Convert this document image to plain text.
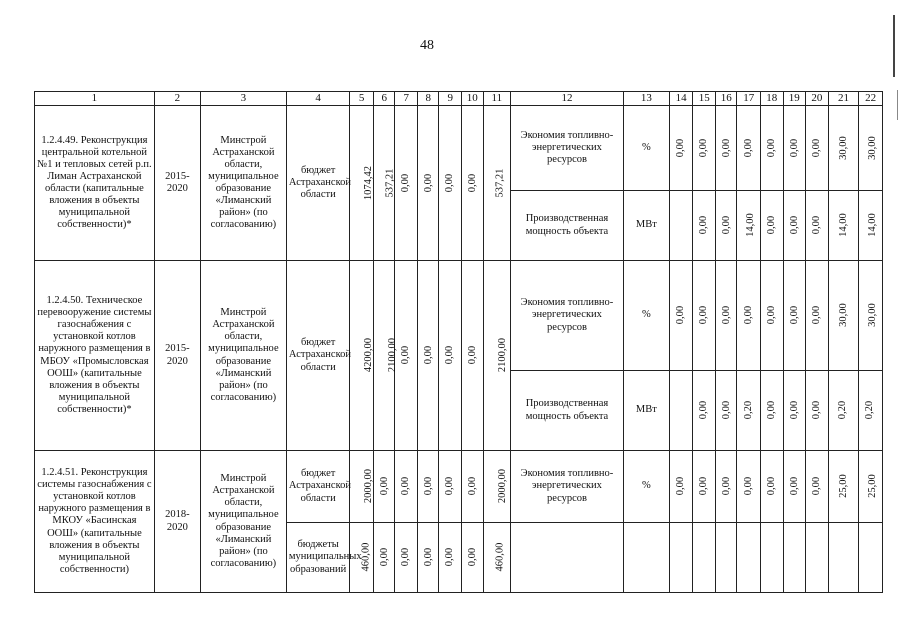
48
1	2	3	4	5	6	7	8	9	10	11	12	13	14	15	16	17	18	19	20	21	22
1.2.4.49. Реконструкция центральной котельной №1 и тепловых сетей р.п. Лиман Астраханской области (капитальные вложения в объекты муниципальной собственности)*	2015-2020	Минстрой Астраханской области, муниципальное образование «Лиманский район» (по согласованию)	бюджет Астраханской области	1074,42	537,21	0,00	0,00	0,00	0,00	537,21	Экономия топливно-энергетических ресурсов	%	0,00	0,00	0,00	0,00	0,00	0,00	0,00	30,00	30,00
											Производственная мощность объекта	МВт		0,00	0,00	14,00	0,00	0,00	0,00	14,00	14,00
1.2.4.50. Техническое перевооружение системы газоснабжения с установкой котлов наружного размещения в МБОУ «Промысловская ООШ» (капитальные вложения в объекты муниципальной собственности)*	2015-2020	Минстрой Астраханской области, муниципальное образование «Лиманский район» (по согласованию)	бюджет Астраханской области	4200,00	2100,00	0,00	0,00	0,00	0,00	2100,00	Экономия топливно-энергетических ресурсов	%	0,00	0,00	0,00	0,00	0,00	0,00	0,00	30,00	30,00
											Производственная мощность объекта	МВт		0,00	0,00	0,20	0,00	0,00	0,00	0,20	0,20
1.2.4.51. Реконструкция системы газоснабжения с установкой котлов наружного размещения в МКОУ «Басинская ООШ» (капитальные вложения в объекты муниципальной собственности)	2018-2020	Минстрой Астраханской области, муниципальное образование «Лиманский район» (по согласованию)	бюджет Астраханской области	2000,00	0,00	0,00	0,00	0,00	0,00	2000,00	Экономия топливно-энергетических ресурсов	%	0,00	0,00	0,00	0,00	0,00	0,00	0,00	25,00	25,00
			бюджеты муниципальных образований	460,00	0,00	0,00	0,00	0,00	0,00	460,00											
